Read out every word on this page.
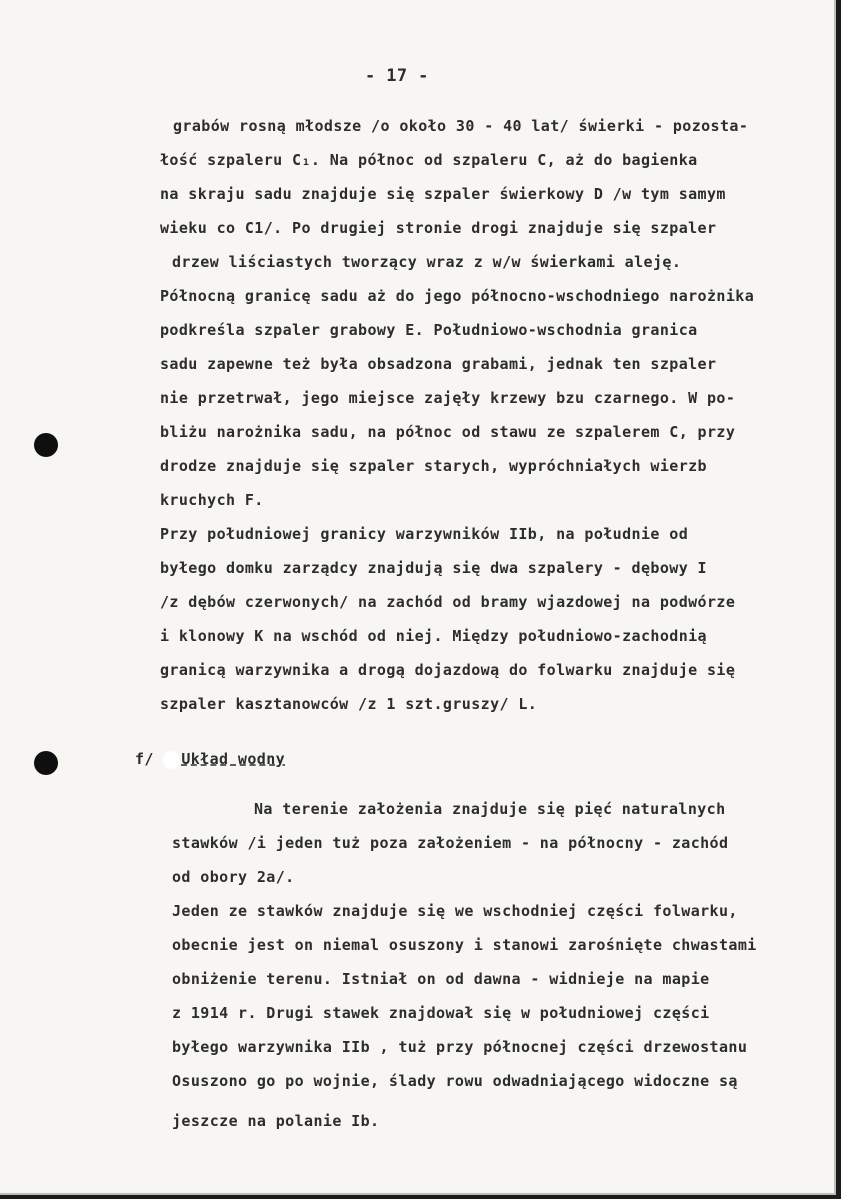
- 17 -
grabów rosną młodsze /o około 30 - 40 lat/ świerki - pozosta-
łość szpaleru C₁. Na północ od szpaleru C, aż do bagienka
na skraju sadu znajduje się szpaler świerkowy D /w tym samym
wieku co C1/. Po drugiej stronie drogi znajduje się szpaler
drzew liściastych tworzący wraz z w/w świerkami aleję.
Północną granicę sadu aż do jego północno-wschodniego narożnika
podkreśla szpaler grabowy E. Południowo-wschodnia granica
sadu zapewne też była obsadzona grabami, jednak ten szpaler
nie przetrwał, jego miejsce zajęły krzewy bzu czarnego. W po-
bliżu narożnika sadu, na północ od stawu ze szpalerem C, przy
drodze znajduje się szpaler starych, wypróchniałych wierzb
kruchych F.
Przy południowej granicy warzywników IIb, na południe od
byłego domku zarządcy znajdują się dwa szpalery - dębowy I
/z dębów czerwonych/ na zachód od bramy wjazdowej na podwórze
i klonowy K na wschód od niej. Między południowo-zachodnią
granicą warzywnika a drogą dojazdową do folwarku znajduje się
szpaler kasztanowców /z 1 szt.gruszy/ L.
f/ Układ wodny
Na terenie założenia znajduje się pięć naturalnych
stawków /i jeden tuż poza założeniem - na północny - zachód
od obory 2a/.
Jeden ze stawków znajduje się we wschodniej części folwarku,
obecnie jest on niemal osuszony i stanowi zarośnięte chwastami
obniżenie terenu. Istniał on od dawna - widnieje na mapie
z 1914 r. Drugi stawek znajdował się w południowej części
byłego warzywnika IIb , tuż przy północnej części drzewostanu
Osuszono go po wojnie, ślady rowu odwadniającego widoczne są
jeszcze na polanie Ib.
